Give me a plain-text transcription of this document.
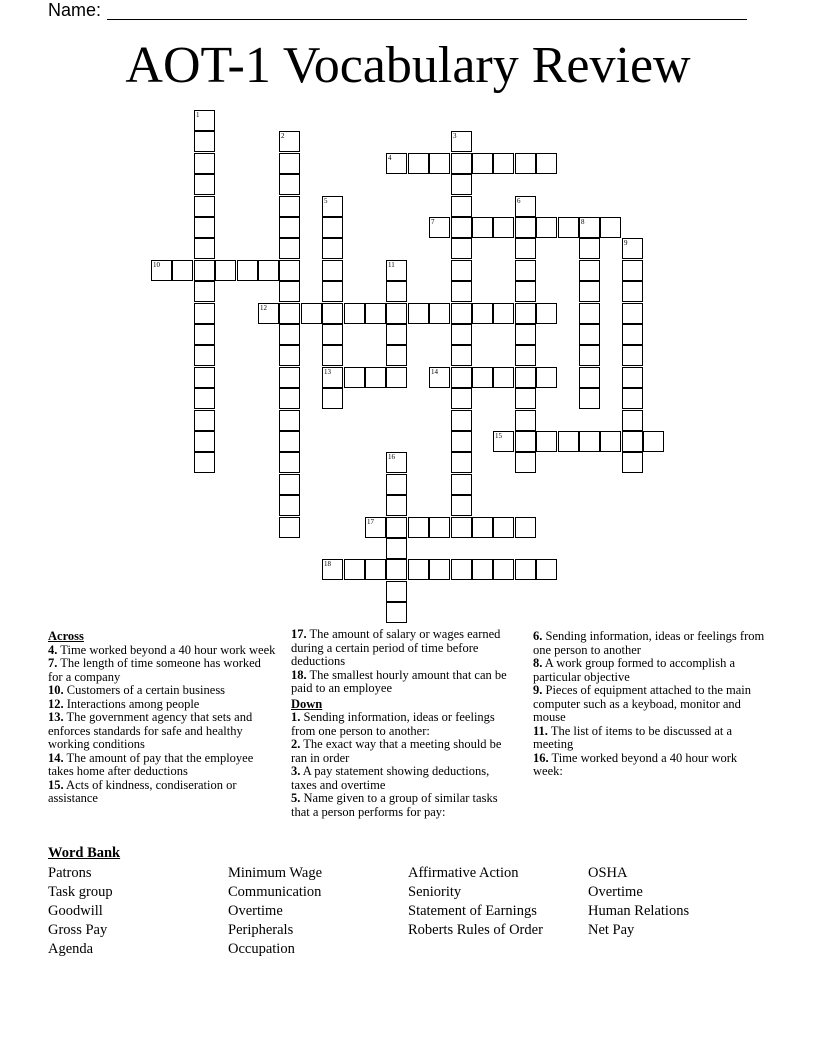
Name:
AOT-1 Vocabulary Review
1
2	3
4
5
13
6
7	8
9
10	11
12
14
15
16
17
18
Across
4. Time worked beyond a 40 hour work week
7. The length of time someone has worked for a company
10. Customers of a certain business
12. Interactions among people
13. The government agency that sets and enforces standards for safe and healthy working conditions
14. The amount of pay that the employee takes home after deductions
15. Acts of kindness, condiseration or assistance
17. The amount of salary or wages earned during a certain period of time before deductions
18. The smallest hourly amount that can be paid to an employee
Down
1. Sending information, ideas or feelings from one person to another:
2. The exact way that a meeting should be ran in order
3. A pay statement showing deductions, taxes and overtime
5. Name given to a group of similar tasks that a person performs for pay:
6. Sending information, ideas or feelings from one person to another
8. A work group formed to accomplish a particular objective
9. Pieces of equipment attached to the main computer such as a keyboad, monitor and mouse
11. The list of items to be discussed at a meeting
16. Time worked beyond a 40 hour work week:
Word Bank
Patrons
Task group
Goodwill
Gross Pay
Agenda
Minimum Wage
Communication
Overtime
Peripherals
Occupation
Affirmative Action
Seniority
Statement of Earnings
Roberts Rules of Order
OSHA
Overtime
Human Relations
Net Pay
